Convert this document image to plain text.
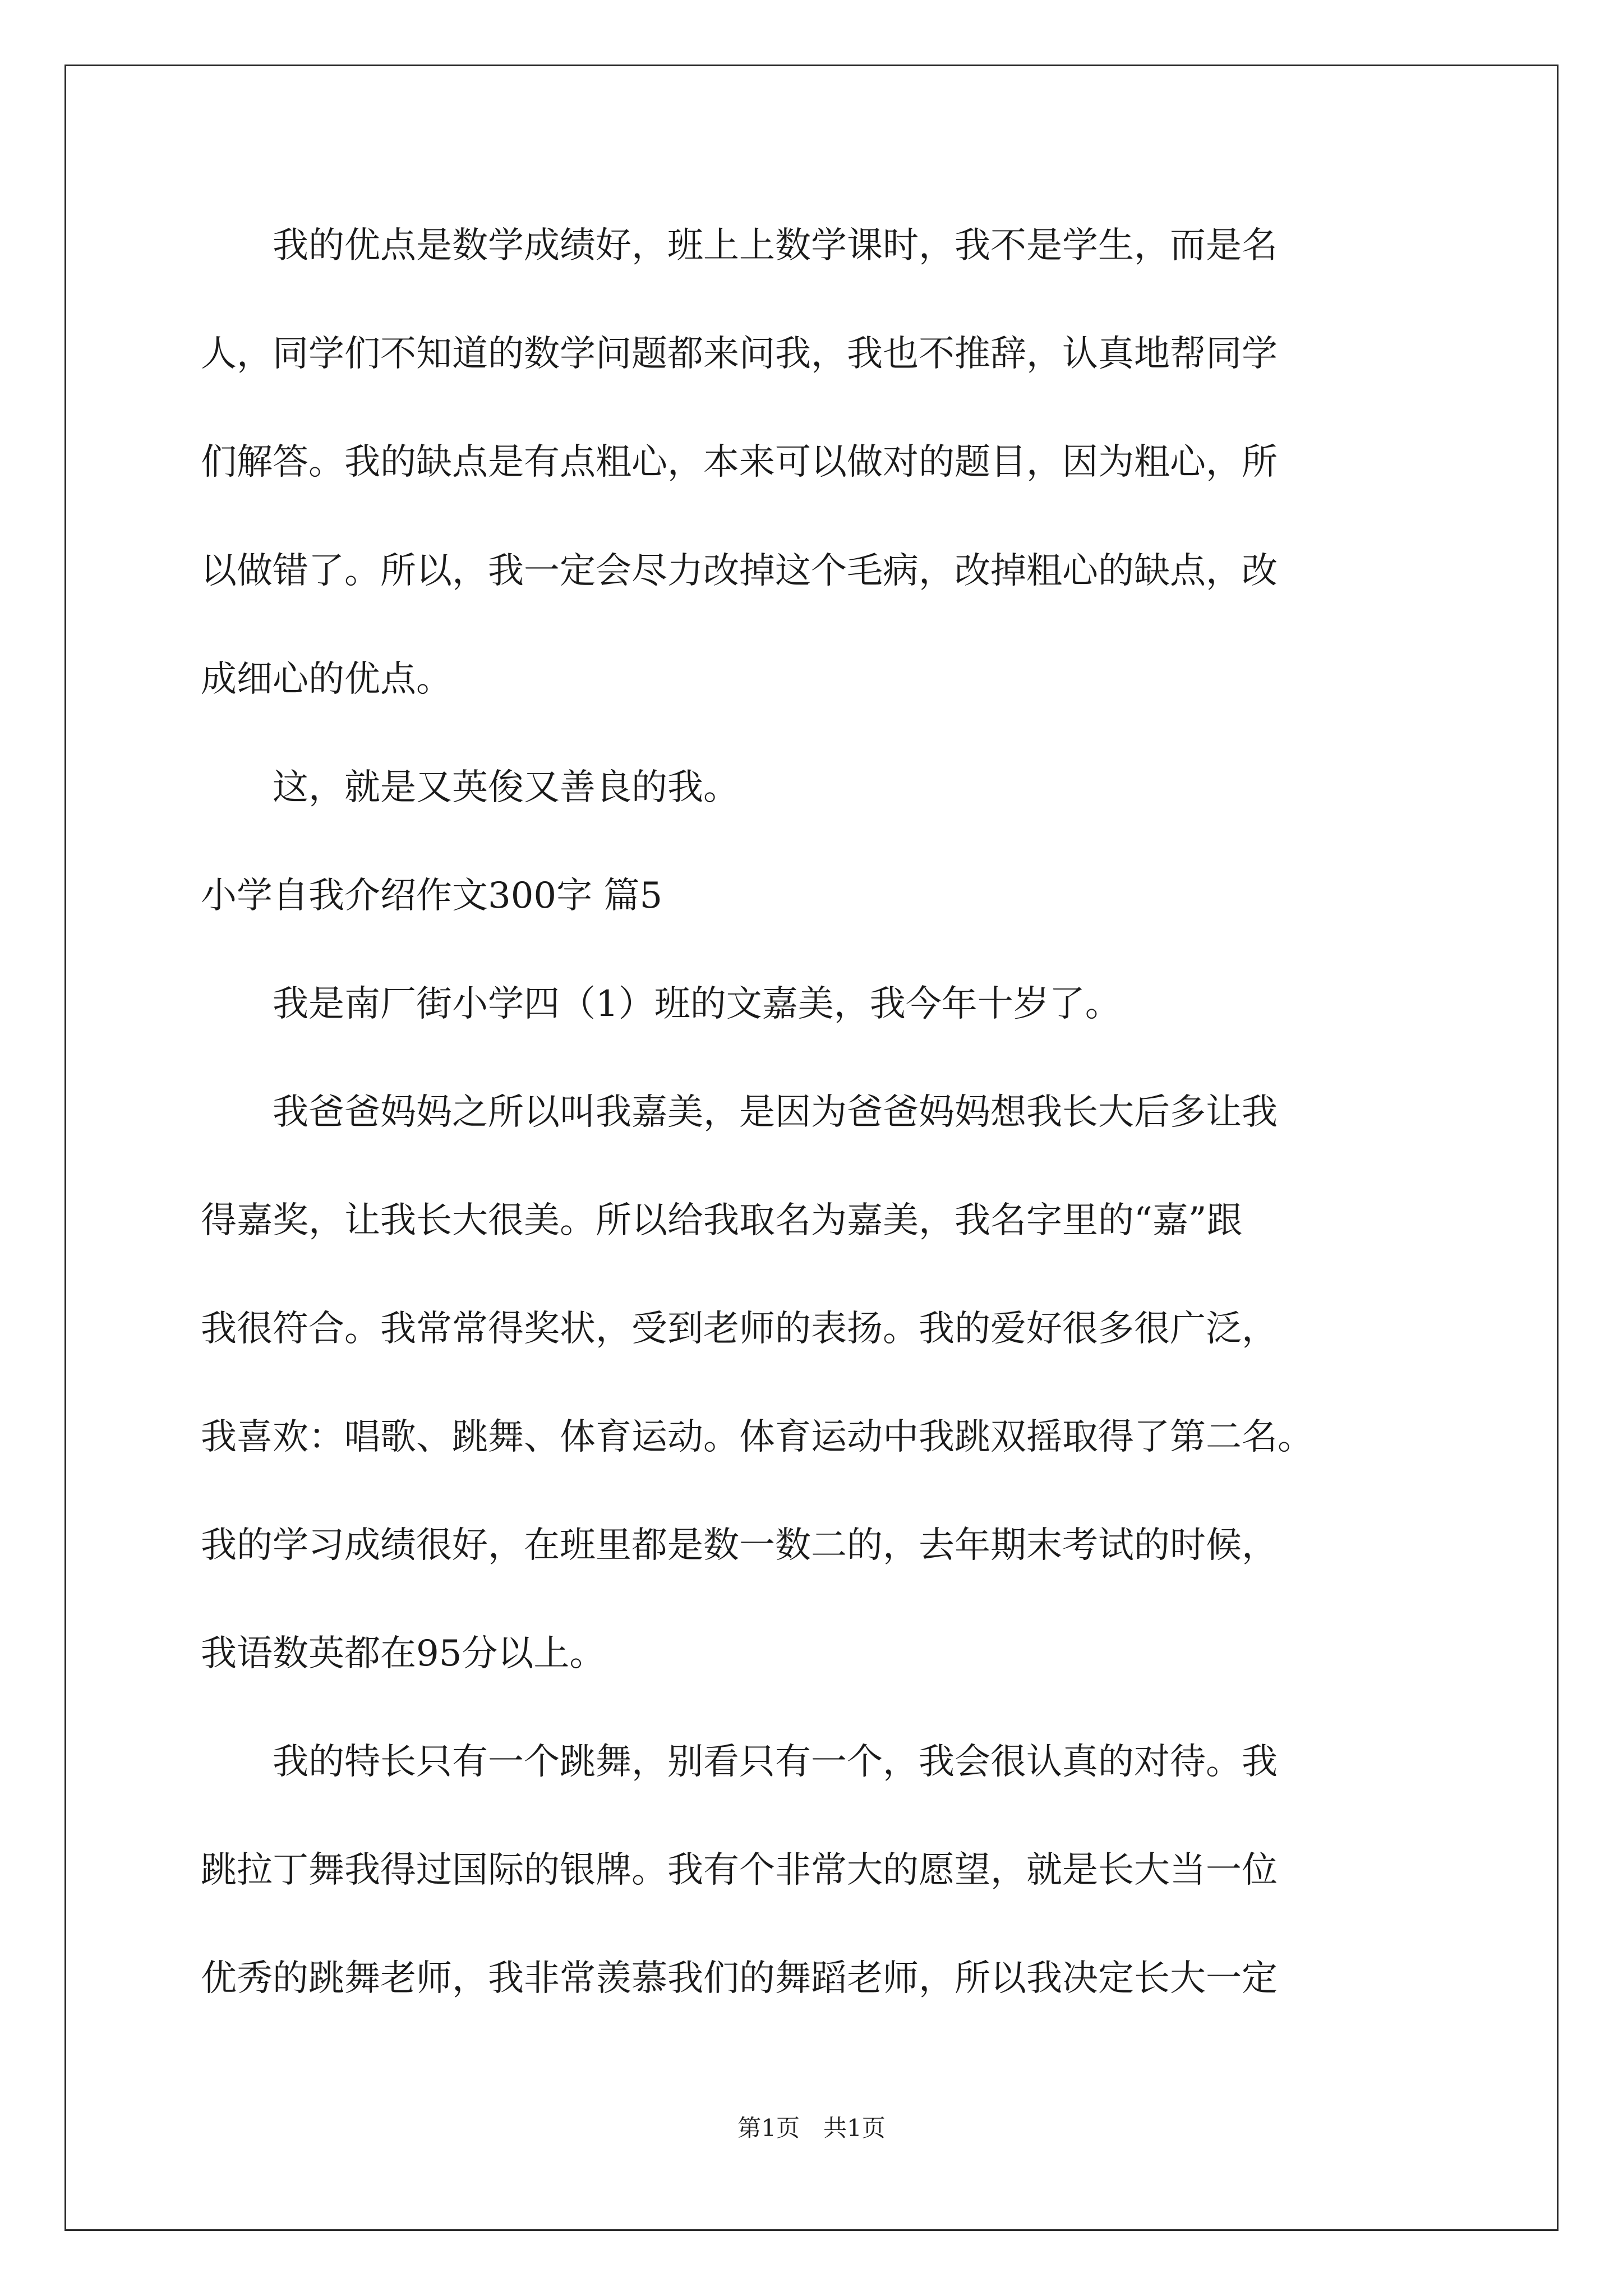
　　我的优点是数学成绩好，班上上数学课时，我不是学生，而是名
人，同学们不知道的数学问题都来问我，我也不推辞，认真地帮同学
们解答。我的缺点是有点粗心，本来可以做对的题目，因为粗心，所
以做错了。所以，我一定会尽力改掉这个毛病，改掉粗心的缺点，改
成细心的优点。
　　这，就是又英俊又善良的我。
小学自我介绍作文300字 篇5
　　我是南厂街小学四（1）班的文嘉美，我今年十岁了。
　　我爸爸妈妈之所以叫我嘉美，是因为爸爸妈妈想我长大后多让我
得嘉奖，让我长大很美。所以给我取名为嘉美，我名字里的“嘉”跟
我很符合。我常常得奖状，受到老师的表扬。我的爱好很多很广泛，
我喜欢：唱歌、跳舞、体育运动。体育运动中我跳双摇取得了第二名。
我的学习成绩很好，在班里都是数一数二的，去年期末考试的时候，
我语数英都在95分以上。
　　我的特长只有一个跳舞，别看只有一个，我会很认真的对待。我
跳拉丁舞我得过国际的银牌。我有个非常大的愿望，就是长大当一位
优秀的跳舞老师，我非常羡慕我们的舞蹈老师，所以我决定长大一定
第1页　共1页
